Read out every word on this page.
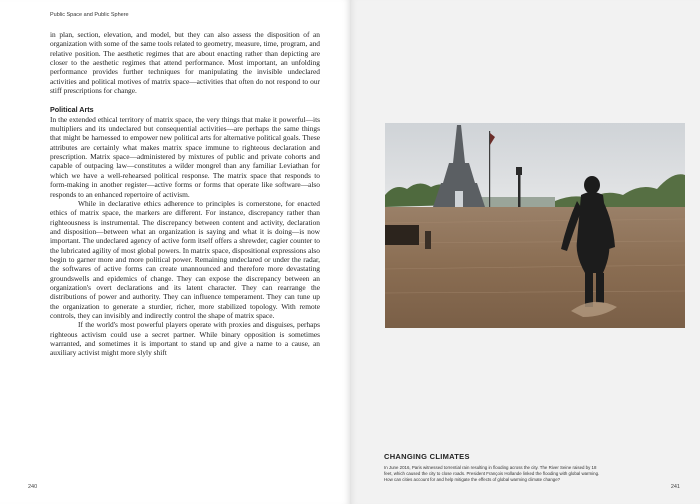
Public Space and Public Sphere

in plan, section, elevation, and model, but they can also assess the disposition of an organization with some of the same tools related to geometry, measure, time, program, and relative position. The aesthetic regimes that are about enacting rather than depicting are closer to the aesthetic regimes that attend performance. Most important, an unfolding performance provides further techniques for manipulating the invisible undeclared activities and political motives of matrix space—activities that often do not respond to our stiff prescriptions for change.

Political Arts

In the extended ethical territory of matrix space, the very things that make it powerful—its multipliers and its undeclared but consequential activities—are perhaps the same things that might be harnessed to empower new political arts for alternative political goals. These attributes are certainly what makes matrix space immune to righteous declaration and prescription. Matrix space—administered by mixtures of public and private cohorts and capable of outpacing law—constitutes a wilder mongrel than any familiar Leviathan for which we have a well-rehearsed political response. The matrix space that responds to form-making in another register—active forms or forms that operate like software—also responds to an enhanced repertoire of activism.

While in declarative ethics adherence to principles is cornerstone, for enacted ethics of matrix space, the markers are different. For instance, discrepancy rather than righteousness is instrumental. The discrepancy between content and activity, declaration and disposition—between what an organization is saying and what it is doing—is now important. The undeclared agency of active form itself offers a shrewder, cagier counter to the lubricated agility of most global powers. In matrix space, dispositional expressions also begin to garner more and more political power. Remaining undeclared or under the radar, the softwares of active forms can create unannounced and therefore more devastating groundswells and epidemics of change. They can expose the discrepancy between an organization's overt declarations and its latent character. They can rearrange the distributions of power and authority. They can influence temperament. They can tune up the organization to generate a sturdier, richer, more stabilized topology. With remote controls, they can invisibly and indirectly control the shape of matrix space.

If the world's most powerful players operate with proxies and disguises, perhaps righteous activism could use a secret partner. While binary opposition is sometimes warranted, and sometimes it is important to stand up and give a name to a cause, an auxiliary activist might more slyly shift

240
CHANGING CLIMATES
In June 2016, Paris witnessed torrential rain resulting in flooding across the city. The River Seine raised by 18 feet, which caused the city to close roads. President François Hollande linked the flooding with global warming. How can cities account for and help mitigate the effects of global warming climate change?
241
